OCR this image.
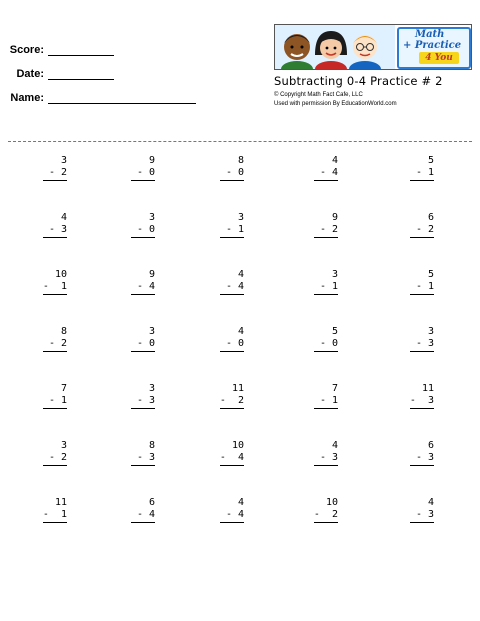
Score:
Date:
Name:
Math
+ Practice
4 You
Subtracting 0-4 Practice # 2
© Copyright Math Fact Cafe, LLC
Used with permission By EducationWorld.com
3
- 2
9
- 0
8
- 0
4
- 4
5
- 1
4
- 3
3
- 0
3
- 1
9
- 2
6
- 2
10
-  1
9
- 4
4
- 4
3
- 1
5
- 1
8
- 2
3
- 0
4
- 0
5
- 0
3
- 3
7
- 1
3
- 3
11
-  2
7
- 1
11
-  3
3
- 2
8
- 3
10
-  4
4
- 3
6
- 3
11
-  1
6
- 4
4
- 4
10
-  2
4
- 3
